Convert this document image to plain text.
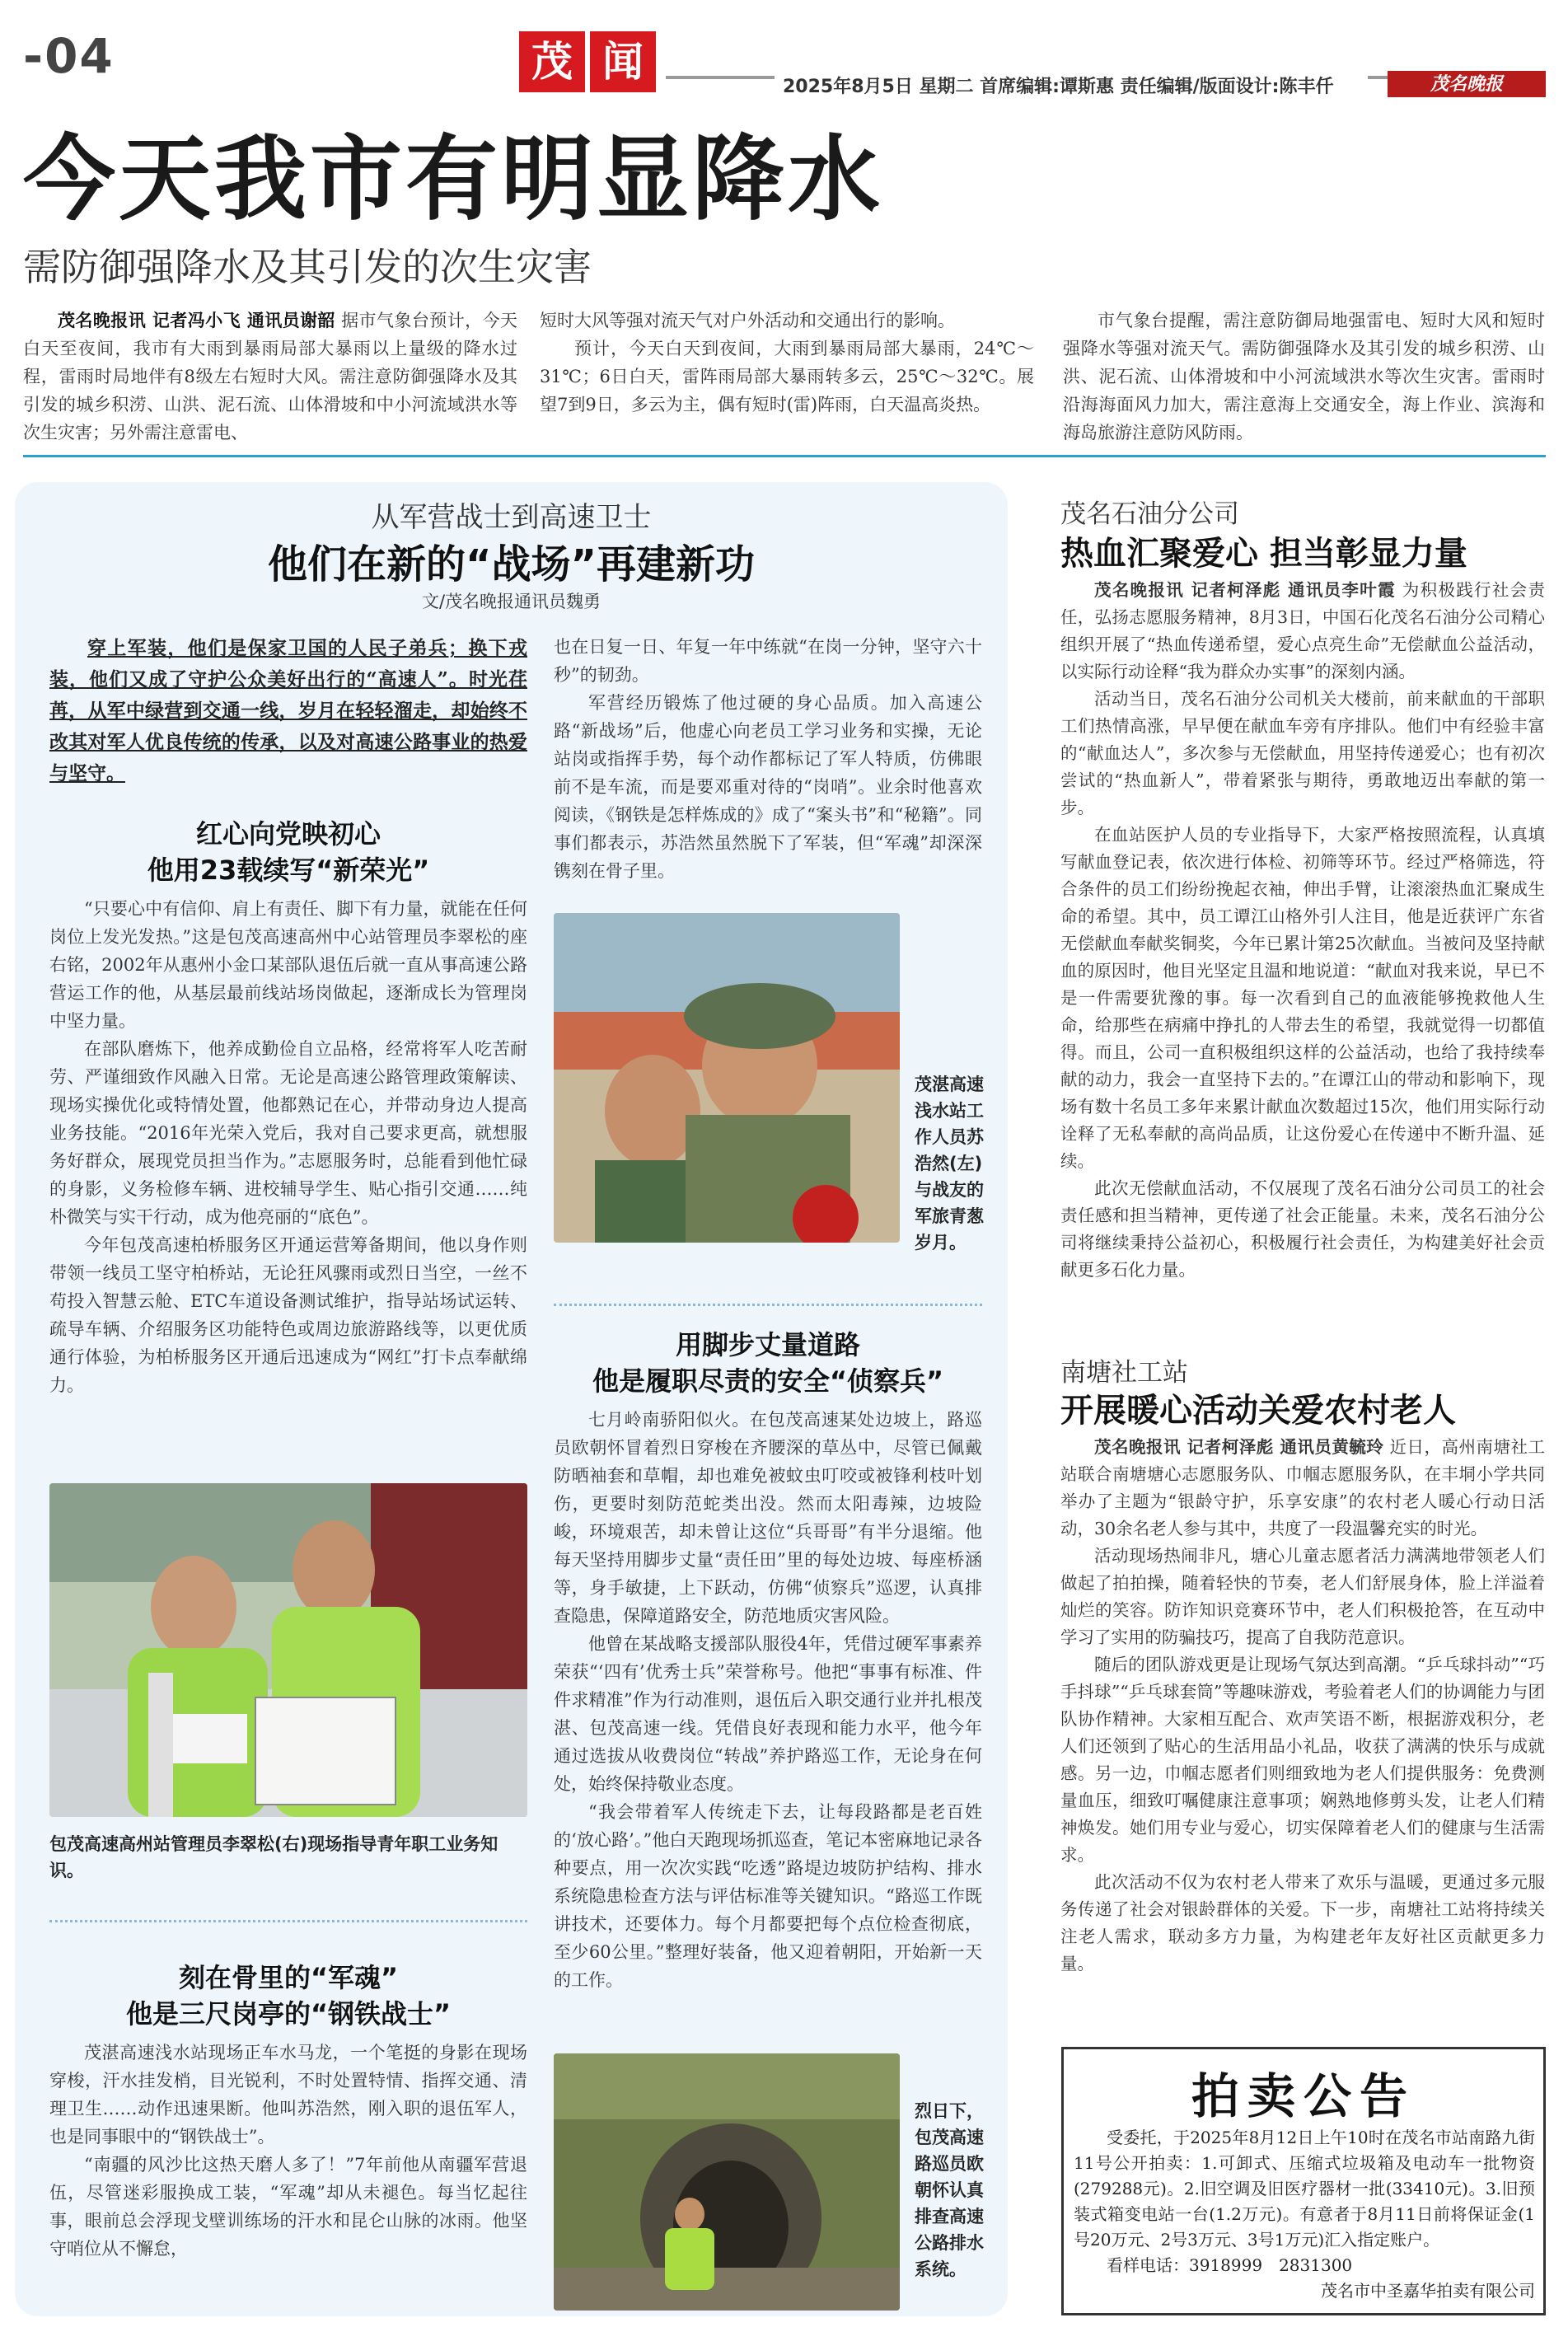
-04	茂 闻
2025年8月5日 星期二 首席编辑:谭斯惠 责任编辑/版面设计:陈丰仟	茂名晚报
今天我市有明显降水
需防御强降水及其引发的次生灾害
茂名晚报讯 记者冯小飞 通讯员谢韶 据市气象台预计，今天白天至夜间，我市有大雨到暴雨局部大暴雨以上量级的降水过程，雷雨时局地伴有8级左右短时大风。需注意防御强降水及其引发的城乡积涝、山洪、泥石流、山体滑坡和中小河流域洪水等次生灾害；另外需注意雷电、
短时大风等强对流天气对户外活动和交通出行的影响。
预计，今天白天到夜间，大雨到暴雨局部大暴雨，24℃～31℃；6日白天，雷阵雨局部大暴雨转多云，25℃～32℃。展望7到9日，多云为主，偶有短时(雷)阵雨，白天温高炎热。
市气象台提醒，需注意防御局地强雷电、短时大风和短时强降水等强对流天气。需防御强降水及其引发的城乡积涝、山洪、泥石流、山体滑坡和中小河流域洪水等次生灾害。雷雨时沿海海面风力加大，需注意海上交通安全，海上作业、滨海和海岛旅游注意防风防雨。
从军营战士到高速卫士
他们在新的“战场”再建新功
文/茂名晚报通讯员魏勇
穿上军装，他们是保家卫国的人民子弟兵；换下戎装，他们又成了守护公众美好出行的“高速人”。时光荏苒，从军中绿营到交通一线，岁月在轻轻溜走，却始终不改其对军人优良传统的传承，以及对高速公路事业的热爱与坚守。
红心向党映初心
他用23载续写“新荣光”

“只要心中有信仰、肩上有责任、脚下有力量，就能在任何岗位上发光发热。”这是包茂高速高州中心站管理员李翠松的座右铭，2002年从惠州小金口某部队退伍后就一直从事高速公路营运工作的他，从基层最前线站场岗做起，逐渐成长为管理岗中坚力量。

在部队磨炼下，他养成勤俭自立品格，经常将军人吃苦耐劳、严谨细致作风融入日常。无论是高速公路管理政策解读、现场实操优化或特情处置，他都熟记在心，并带动身边人提高业务技能。“2016年光荣入党后，我对自己要求更高，就想服务好群众，展现党员担当作为。”志愿服务时，总能看到他忙碌的身影，义务检修车辆、进校辅导学生、贴心指引交通……纯朴微笑与实干行动，成为他亮丽的“底色”。

今年包茂高速柏桥服务区开通运营筹备期间，他以身作则带领一线员工坚守柏桥站，无论狂风骤雨或烈日当空，一丝不苟投入智慧云舱、ETC车道设备测试维护，指导站场试运转、疏导车辆、介绍服务区功能特色或周边旅游路线等，以更优质通行体验，为柏桥服务区开通后迅速成为“网红”打卡点奉献绵力。

包茂高速高州站管理员李翠松(右)现场指导青年职工业务知识。
刻在骨里的“军魂”
他是三尺岗亭的“钢铁战士”

茂湛高速浅水站现场正车水马龙，一个笔挺的身影在现场穿梭，汗水挂发梢，目光锐利，不时处置特情、指挥交通、清理卫生……动作迅速果断。他叫苏浩然，刚入职的退伍军人，也是同事眼中的“钢铁战士”。

“南疆的风沙比这热天磨人多了！”7年前他从南疆军营退伍，尽管迷彩服换成工装，“军魂”却从未褪色。每当忆起往事，眼前总会浮现戈壁训练场的汗水和昆仑山脉的冰雨。他坚守哨位从不懈怠，

也在日复一日、年复一年中练就“在岗一分钟，坚守六十秒”的韧劲。

军营经历锻炼了他过硬的身心品质。加入高速公路“新战场”后，他虚心向老员工学习业务和实操，无论站岗或指挥手势，每个动作都标记了军人特质，仿佛眼前不是车流，而是要邓重对待的“岗哨”。业余时他喜欢阅读，《钢铁是怎样炼成的》成了“案头书”和“秘籍”。同事们都表示，苏浩然虽然脱下了军装，但“军魂”却深深镌刻在骨子里。

茂湛高速浅水站工作人员苏浩然(左)与战友的军旅青葱岁月。
用脚步丈量道路
他是履职尽责的安全“侦察兵”

七月岭南骄阳似火。在包茂高速某处边坡上，路巡员欧朝怀冒着烈日穿梭在齐腰深的草丛中，尽管已佩戴防晒袖套和草帽，却也难免被蚊虫叮咬或被锋利枝叶划伤，更要时刻防范蛇类出没。然而太阳毒辣，边坡险峻，环境艰苦，却未曾让这位“兵哥哥”有半分退缩。他每天坚持用脚步丈量“责任田”里的每处边坡、每座桥涵等，身手敏捷，上下跃动，仿佛“侦察兵”巡逻，认真排查隐患，保障道路安全，防范地质灾害风险。

他曾在某战略支援部队服役4年，凭借过硬军事素养荣获“‘四有’优秀士兵”荣誉称号。他把“事事有标准、件件求精准”作为行动准则，退伍后入职交通行业并扎根茂湛、包茂高速一线。凭借良好表现和能力水平，他今年通过选拔从收费岗位“转战”养护路巡工作，无论身在何处，始终保持敬业态度。

“我会带着军人传统走下去，让每段路都是老百姓的‘放心路’。”他白天跑现场抓巡查，笔记本密麻地记录各种要点，用一次次实践“吃透”路堤边坡防护结构、排水系统隐患检查方法与评估标准等关键知识。“路巡工作既讲技术，还要体力。每个月都要把每个点位检查彻底，至少60公里。”整理好装备，他又迎着朝阳，开始新一天的工作。

烈日下，包茂高速路巡员欧朝怀认真排查高速公路排水系统。
茂名石油分公司
热血汇聚爱心 担当彰显力量

茂名晚报讯 记者柯泽彪 通讯员李叶霞 为积极践行社会责任，弘扬志愿服务精神，8月3日，中国石化茂名石油分公司精心组织开展了“热血传递希望，爱心点亮生命”无偿献血公益活动，以实际行动诠释“我为群众办实事”的深刻内涵。

活动当日，茂名石油分公司机关大楼前，前来献血的干部职工们热情高涨，早早便在献血车旁有序排队。他们中有经验丰富的“献血达人”，多次参与无偿献血，用坚持传递爱心；也有初次尝试的“热血新人”，带着紧张与期待，勇敢地迈出奉献的第一步。

在血站医护人员的专业指导下，大家严格按照流程，认真填写献血登记表，依次进行体检、初筛等环节。经过严格筛选，符合条件的员工们纷纷挽起衣袖，伸出手臂，让滚滚热血汇聚成生命的希望。其中，员工谭江山格外引人注目，他是近获评广东省无偿献血奉献奖铜奖，今年已累计第25次献血。当被问及坚持献血的原因时，他目光坚定且温和地说道：“献血对我来说，早已不是一件需要犹豫的事。每一次看到自己的血液能够挽救他人生命，给那些在病痛中挣扎的人带去生的希望，我就觉得一切都值得。而且，公司一直积极组织这样的公益活动，也给了我持续奉献的动力，我会一直坚持下去的。”在谭江山的带动和影响下，现场有数十名员工多年来累计献血次数超过15次，他们用实际行动诠释了无私奉献的高尚品质，让这份爱心在传递中不断升温、延续。

此次无偿献血活动，不仅展现了茂名石油分公司员工的社会责任感和担当精神，更传递了社会正能量。未来，茂名石油分公司将继续秉持公益初心，积极履行社会责任，为构建美好社会贡献更多石化力量。

南塘社工站
开展暖心活动关爱农村老人

茂名晚报讯 记者柯泽彪 通讯员黄毓玲 近日，高州南塘社工站联合南塘塘心志愿服务队、巾帼志愿服务队，在丰垌小学共同举办了主题为“银龄守护，乐享安康”的农村老人暖心行动日活动，30余名老人参与其中，共度了一段温馨充实的时光。

活动现场热闹非凡，塘心儿童志愿者活力满满地带领老人们做起了拍拍操，随着轻快的节奏，老人们舒展身体，脸上洋溢着灿烂的笑容。防诈知识竞赛环节中，老人们积极抢答，在互动中学习了实用的防骗技巧，提高了自我防范意识。

随后的团队游戏更是让现场气氛达到高潮。“乒乓球抖动”“巧手抖球”“乒乓球套筒”等趣味游戏，考验着老人们的协调能力与团队协作精神。大家相互配合、欢声笑语不断，根据游戏积分，老人们还领到了贴心的生活用品小礼品，收获了满满的快乐与成就感。另一边，巾帼志愿者们则细致地为老人们提供服务：免费测量血压，细致叮嘱健康注意事项；娴熟地修剪头发，让老人们精神焕发。她们用专业与爱心，切实保障着老人们的健康与生活需求。

此次活动不仅为农村老人带来了欢乐与温暖，更通过多元服务传递了社会对银龄群体的关爱。下一步，南塘社工站将持续关注老人需求，联动多方力量，为构建老年友好社区贡献更多力量。

拍卖公告

受委托，于2025年8月12日上午10时在茂名市站南路九街11号公开拍卖：1.可卸式、压缩式垃圾箱及电动车一批物资(279288元)。2.旧空调及旧医疗器材一批(33410元)。3.旧预装式箱变电站一台(1.2万元)。有意者于8月11日前将保证金(1号20万元、2号3万元、3号1万元)汇入指定账户。

看样电话：3918999　2831300

茂名市中圣嘉华拍卖有限公司
